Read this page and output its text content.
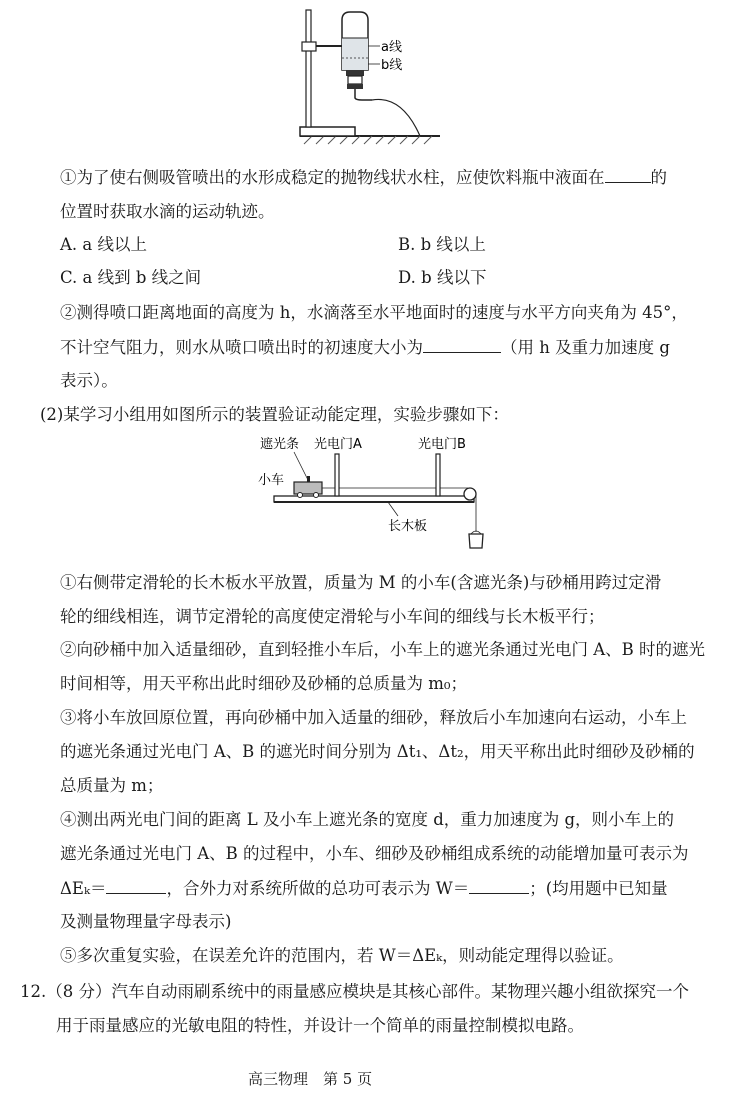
a线
b线
①为了使右侧吸管喷出的水形成稳定的抛物线状水柱，应使饮料瓶中液面在	的
位置时获取水滴的运动轨迹。
A. a 线以上	B. b 线以上
C. a 线到 b 线之间	D. b 线以下
②测得喷口距离地面的高度为 h，水滴落至水平地面时的速度与水平方向夹角为 45°，
不计空气阻力，则水从喷口喷出时的初速度大小为	（用 h 及重力加速度 g
表示）。
(2)某学习小组用如图所示的装置验证动能定理，实验步骤如下：
遮光条 光电门A	光电门B
小车
长木板
①右侧带定滑轮的长木板水平放置，质量为 M 的小车(含遮光条)与砂桶用跨过定滑
轮的细线相连，调节定滑轮的高度使定滑轮与小车间的细线与长木板平行；
②向砂桶中加入适量细砂，直到轻推小车后，小车上的遮光条通过光电门 A、B 时的遮光
时间相等，用天平称出此时细砂及砂桶的总质量为 m₀；
③将小车放回原位置，再向砂桶中加入适量的细砂，释放后小车加速向右运动，小车上
的遮光条通过光电门 A、B 的遮光时间分别为 Δt₁、Δt₂，用天平称出此时细砂及砂桶的
总质量为 m；
④测出两光电门间的距离 L 及小车上遮光条的宽度 d，重力加速度为 g，则小车上的
遮光条通过光电门 A、B 的过程中，小车、细砂及砂桶组成系统的动能增加量可表示为
ΔEₖ＝	，合外力对系统所做的总功可表示为 W＝	；(均用题中已知量
及测量物理量字母表示)
⑤多次重复实验，在误差允许的范围内，若 W＝ΔEₖ，则动能定理得以验证。
12.（8 分）汽车自动雨刷系统中的雨量感应模块是其核心部件。某物理兴趣小组欲探究一个
用于雨量感应的光敏电阻的特性，并设计一个简单的雨量控制模拟电路。
高三物理　第 5 页
